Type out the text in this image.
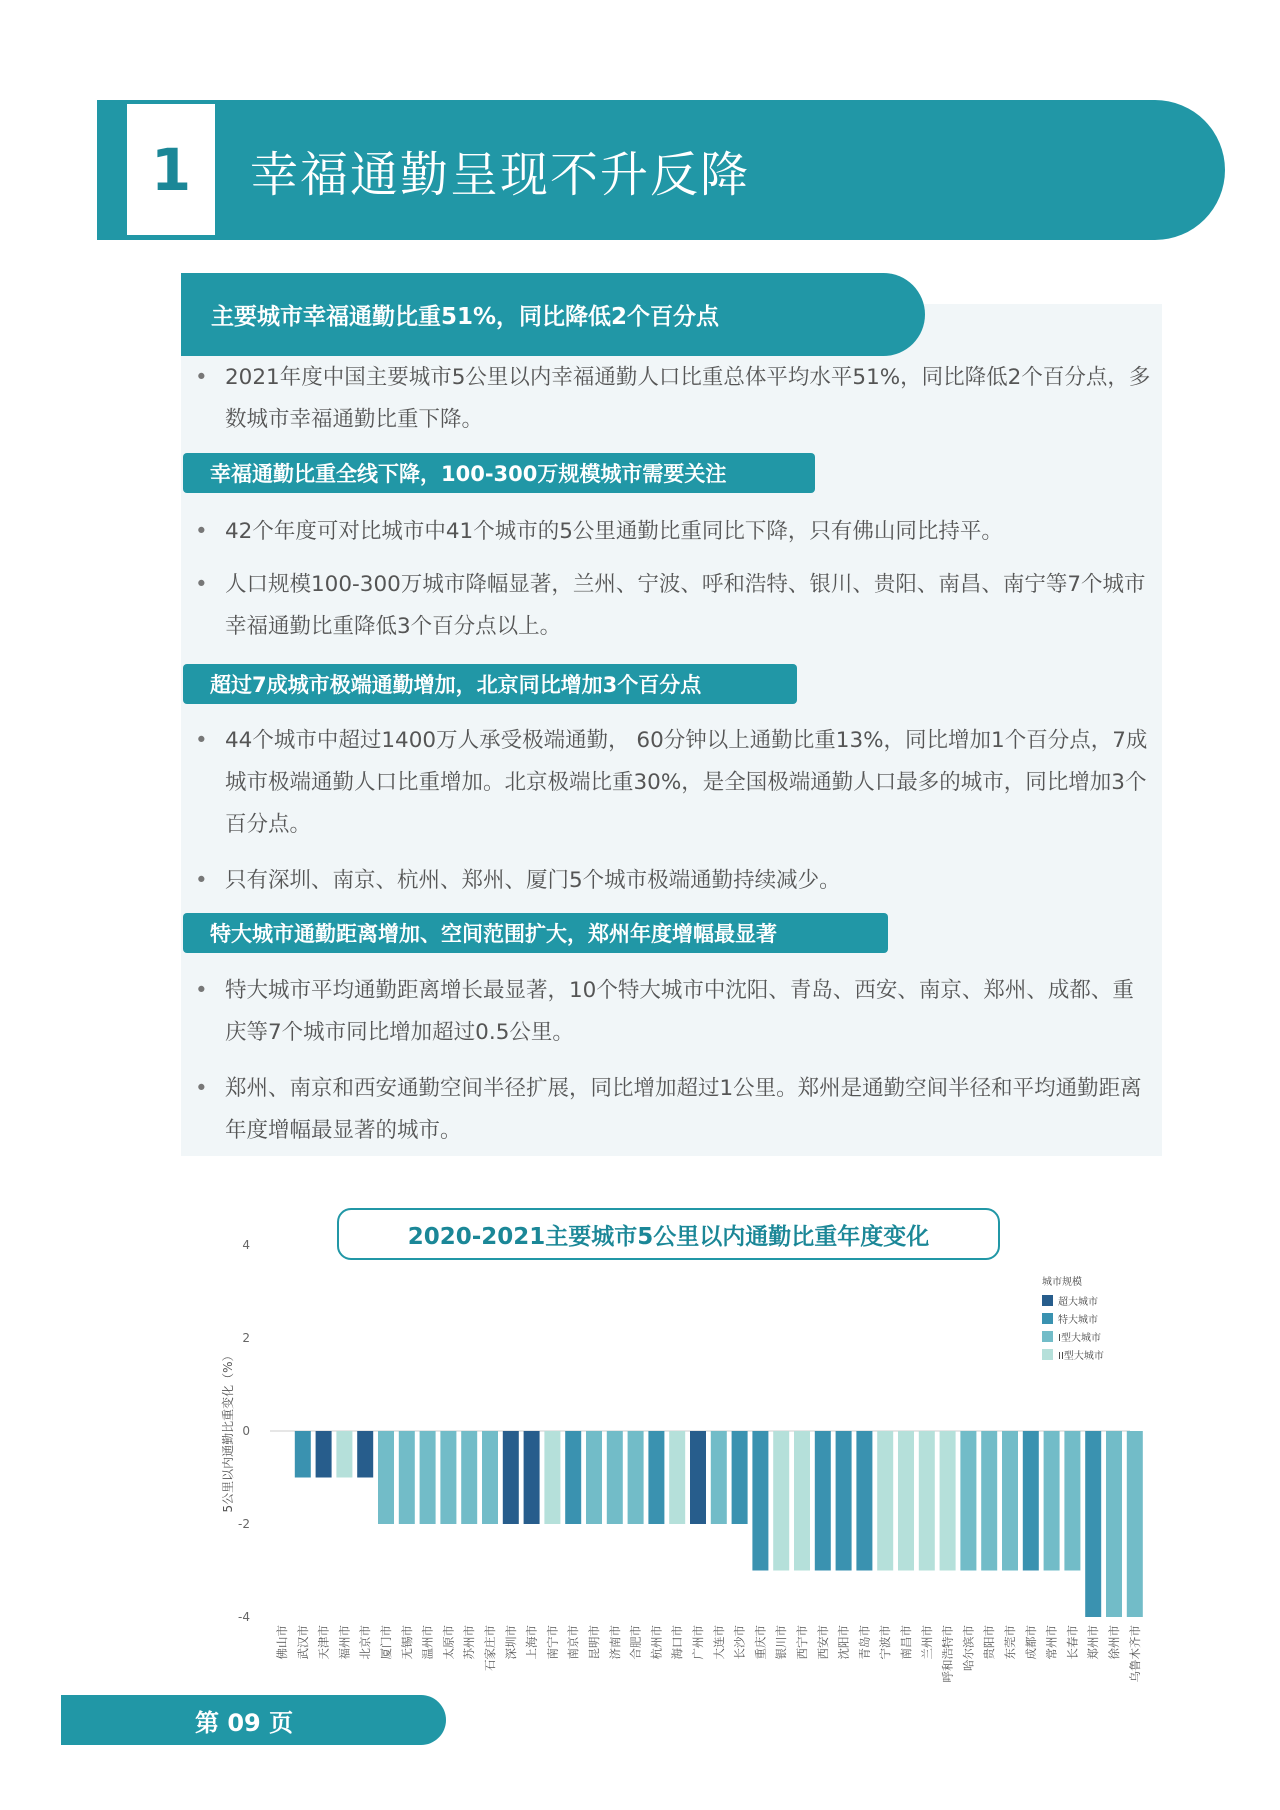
1	幸福通勤呈现不升反降
主要城市幸福通勤比重51%，同比降低2个百分点
• 2021年度中国主要城市5公里以内幸福通勤人口比重总体平均水平51%，同比降低2个百分点，多数城市幸福通勤比重下降。
幸福通勤比重全线下降，100-300万规模城市需要关注
• 42个年度可对比城市中41个城市的5公里通勤比重同比下降，只有佛山同比持平。
• 人口规模100-300万城市降幅显著，兰州、宁波、呼和浩特、银川、贵阳、南昌、南宁等7个城市幸福通勤比重降低3个百分点以上。
超过7成城市极端通勤增加，北京同比增加3个百分点
• 44个城市中超过1400万人承受极端通勤， 60分钟以上通勤比重13%，同比增加1个百分点，7成城市极端通勤人口比重增加。北京极端比重30%，是全国极端通勤人口最多的城市，同比增加3个百分点。
• 只有深圳、南京、杭州、郑州、厦门5个城市极端通勤持续减少。
特大城市通勤距离增加、空间范围扩大，郑州年度增幅最显著
• 特大城市平均通勤距离增长最显著，10个特大城市中沈阳、青岛、西安、南京、郑州、成都、重庆等7个城市同比增加超过0.5公里。
• 郑州、南京和西安通勤空间半径扩展，同比增加超过1公里。郑州是通勤空间半径和平均通勤距离年度增幅最显著的城市。
4
2
0
-2
-4
5公里以内通勤比重变化（%）
佛山市 武汉市 天津市 福州市 北京市 厦门市 无锡市 温州市 太原市 苏州市 石家庄市 深圳市 上海市 南宁市 南京市 昆明市 济南市 合肥市 杭州市 海口市 广州市 大连市 长沙市 重庆市 银川市 西宁市 西安市 沈阳市 青岛市 宁波市 南昌市 兰州市 呼和浩特市 哈尔滨市 贵阳市 东莞市 成都市 常州市 长春市 郑州市 徐州市 乌鲁木齐市
城市规模
超大城市
特大城市
I型大城市
II型大城市
2020-2021主要城市5公里以内通勤比重年度变化
第 09 页
